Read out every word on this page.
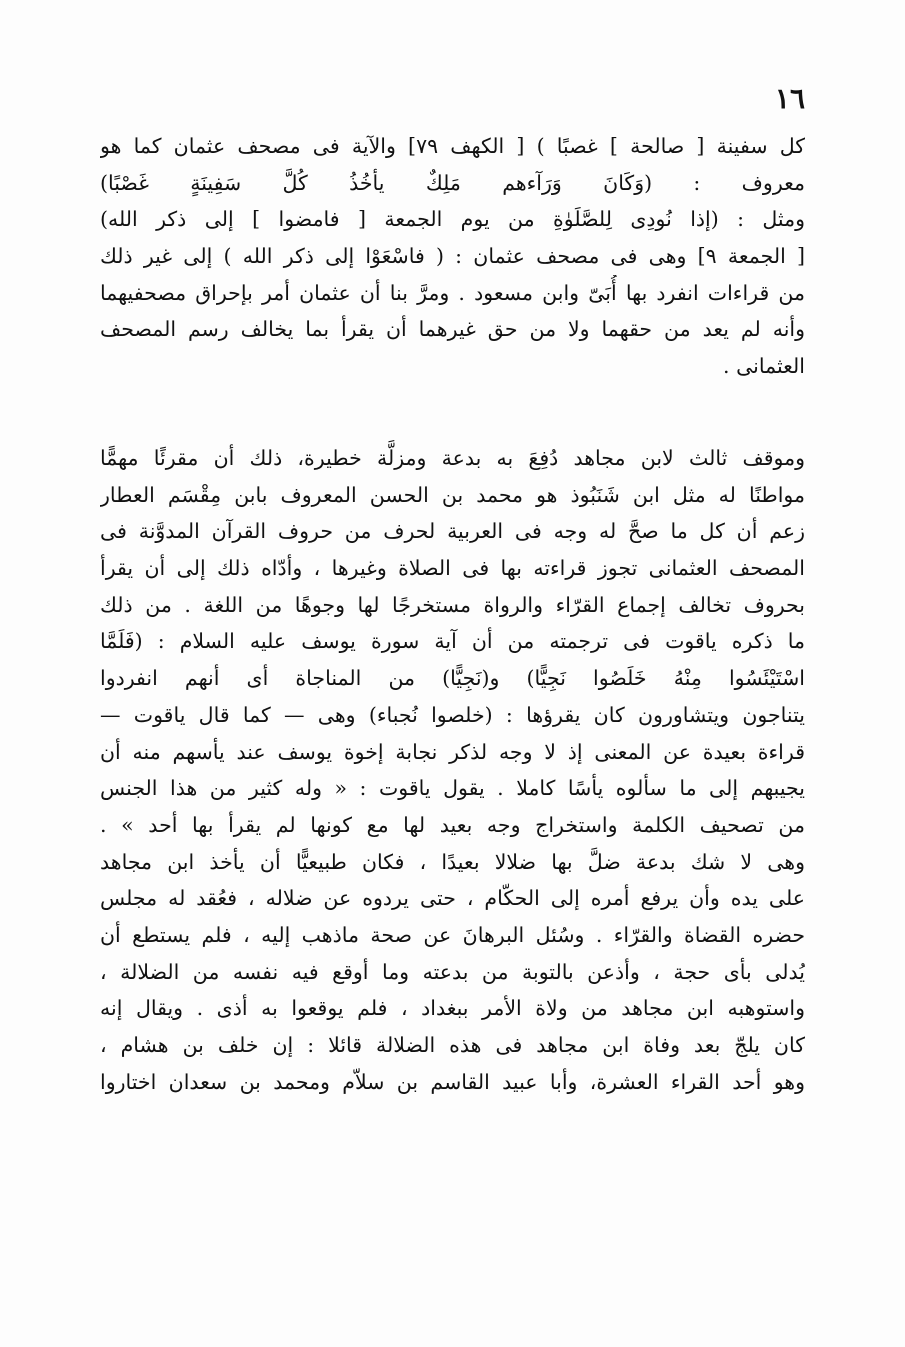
١٦
كل سفينة [ صالحة ] غصبًا ) [ الكهف ٧٩] والآية فى مصحف عثمان كما هو
معروف : (وَكَانَ وَرَآءهم مَلِكٌ يأخُذُ كُلَّ سَفِينَةٍ غَصْبًا)
ومثل : (إذا نُودِى لِلصَّلَوٰةِ من يوم الجمعة [ فامضوا ] إلى ذكر الله)
[ الجمعة ٩] وهى فى مصحف عثمان : ( فاسْعَوْا إلى ذكر الله ) إلى غير ذلك
من قراءات انفرد بها أُبَىّ وابن مسعود . ومرَّ بنا أن عثمان أمر بإحراق مصحفيهما
وأنه لم يعد من حقهما ولا من حق غيرهما أن يقرأ بما يخالف رسم المصحف
العثمانى .
وموقف ثالث لابن مجاهد دُفِعَ به بدعة ومزلَّة خطيرة، ذلك أن مقرئًا مهمًّا
مواطنًا له مثل ابن شَنَبُوذ هو محمد بن الحسن المعروف بابن مِقْسَم العطار
زعم أن كل ما صحَّ له وجه فى العربية لحرف من حروف القرآن المدوَّنة فى
المصحف العثمانى تجوز قراءته بها فى الصلاة وغيرها ، وأدّاه ذلك إلى أن يقرأ
بحروف تخالف إجماع القرّاء والرواة مستخرجًا لها وجوهًا من اللغة . من ذلك
ما ذكره ياقوت فى ترجمته من أن آية سورة يوسف عليه السلام : (فَلَمَّا
اسْتَيْئَسُوا مِنْهُ خَلَصُوا نَجِيًّا) و(نَجِيًّا) من المناجاة أى أنهم انفردوا
يتناجون ويتشاورون كان يقرؤها : (خلصوا نُجباء) وهى — كما قال ياقوت —
قراءة بعيدة عن المعنى إذ لا وجه لذكر نجابة إخوة يوسف عند يأسهم منه أن
يجيبهم إلى ما سألوه يأسًا كاملا . يقول ياقوت : « وله كثير من هذا الجنس
من تصحيف الكلمة واستخراج وجه بعيد لها مع كونها لم يقرأ بها أحد » .
وهى لا شك بدعة ضلَّ بها ضلالا بعيدًا ، فكان طبيعيًّا أن يأخذ ابن مجاهد
على يده وأن يرفع أمره إلى الحكّام ، حتى يردوه عن ضلاله ، فعُقد له مجلس
حضره القضاة والقرّاء . وسُئل البرهانَ عن صحة ماذهب إليه ، فلم يستطع أن
يُدلى بأى حجة ، وأذعن بالتوبة من بدعته وما أوقع فيه نفسه من الضلالة ،
واستوهبه ابن مجاهد من ولاة الأمر ببغداد ، فلم يوقعوا به أذى . ويقال إنه
كان يلجّ بعد وفاة ابن مجاهد فى هذه الضلالة قائلا : إن خلف بن هشام ،
وهو أحد القراء العشرة، وأبا عبيد القاسم بن سلاّم ومحمد بن سعدان اختاروا
